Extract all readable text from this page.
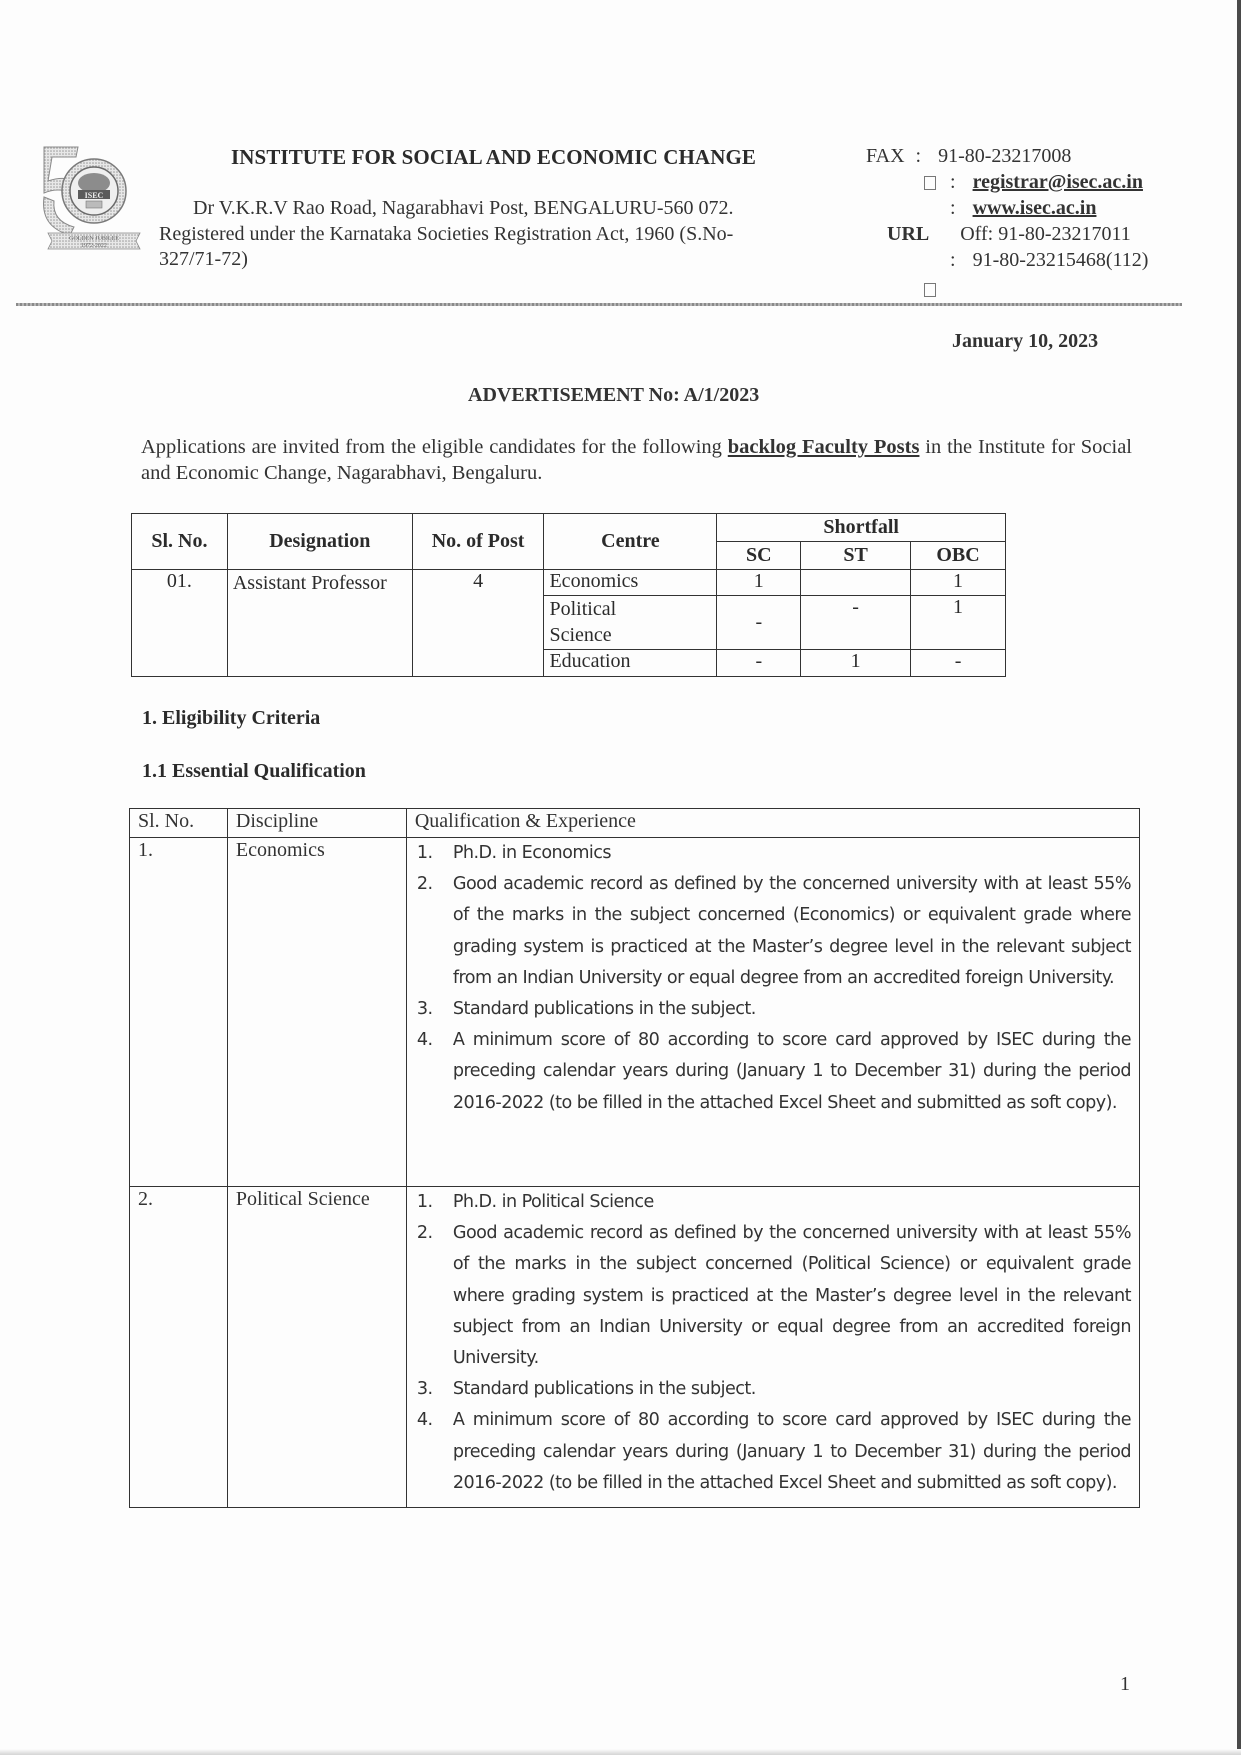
ISEC
GOLDEN JUBILEE
1972-2022
INSTITUTE FOR SOCIAL AND ECONOMIC CHANGE
Dr V.K.R.V Rao Road, Nagarabhavi Post, BENGALURU-560 072.
Registered under the Karnataka Societies Registration Act, 1960 (S.No-
327/71-72)
FAX : 91-80-23217008
: registrar@isec.ac.in
: www.isec.ac.in
URL Off: 91-80-23217011
: 91-80-23215468(112)
January 10, 2023
ADVERTISEMENT No: A/1/2023
Applications are invited from the eligible candidates for the following backlog Faculty Posts in the Institute for Social and Economic Change, Nagarabhavi, Bengaluru.
Sl. No.	Designation	No. of Post	Centre	Shortfall		
				SC	ST	OBC
01.	Assistant Professor	4	Economics	1		1
			Political Science	-	-	1
			Education	-	1	-
1. Eligibility Criteria
1.1 Essential Qualification
Sl. No.	Discipline	Qualification & Experience
1.	Economics	1. Ph.D. in Economics
2. Good academic record as defined by the concerned university with at least 55% of the marks in the subject concerned (Economics) or equivalent grade where grading system is practiced at the Master’s degree level in the relevant subject from an Indian University or equal degree from an accredited foreign University.
3. Standard publications in the subject.
4. A minimum score of 80 according to score card approved by ISEC during the preceding calendar years during (January 1 to December 31) during the period 2016-2022 (to be filled in the attached Excel Sheet and submitted as soft copy).

2.	Political Science	1. Ph.D. in Political Science
2. Good academic record as defined by the concerned university with at least 55% of the marks in the subject concerned (Political Science) or equivalent grade where grading system is practiced at the Master’s degree level in the relevant subject from an Indian University or equal degree from an accredited foreign University.
3. Standard publications in the subject.
4. A minimum score of 80 according to score card approved by ISEC during the preceding calendar years during (January 1 to December 31) during the period 2016-2022 (to be filled in the attached Excel Sheet and submitted as soft copy).
1
